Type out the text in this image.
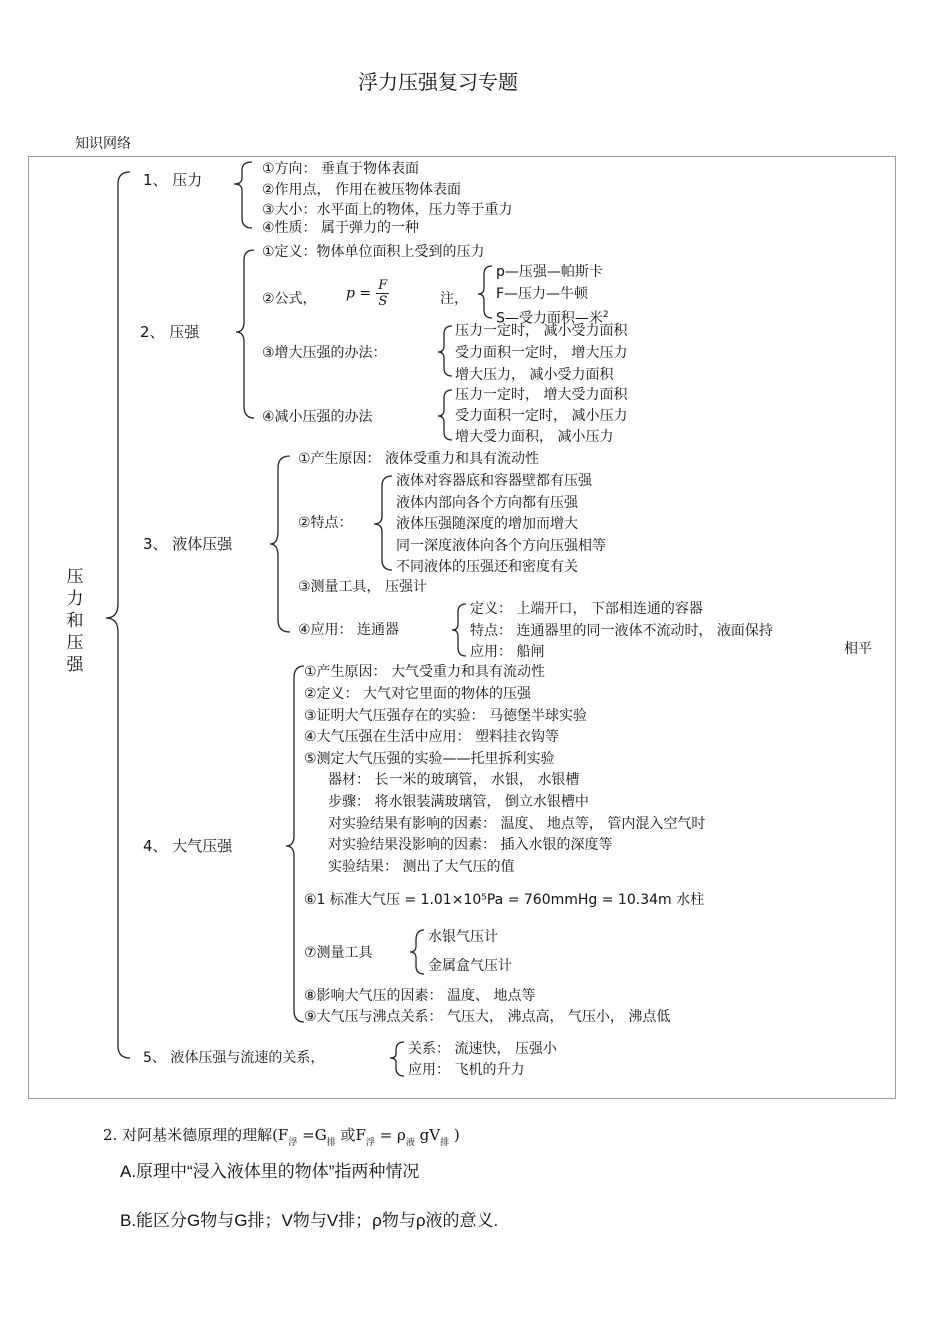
浮力压强复习专题
知识网络
压力和压强
1、 压力
①方向： 垂直于物体表面
②作用点， 作用在被压物体表面
③大小：水平面上的物体，压力等于重力
④性质： 属于弹力的一种
2、 压强
①定义：物体单位面积上受到的压力
②公式， $p = \frac{F}{S}$	注，
p—压强—帕斯卡
F—压力—牛顿
S—受力面积—米$^2$
③增大压强的办法：
压力一定时， 减小受力面积
受力面积一定时， 增大压力
增大压力， 减小受力面积
④减小压强的办法
压力一定时， 增大受力面积
受力面积一定时， 减小压力
增大受力面积， 减小压力
3、 液体压强
①产生原因： 液体受重力和具有流动性
②特点：
液体对容器底和容器壁都有压强
液体内部向各个方向都有压强
液体压强随深度的增加而增大
同一深度液体向各个方向压强相等
不同液体的压强还和密度有关
③测量工具， 压强计
④应用： 连通器
定义： 上端开口， 下部相连通的容器
特点： 连通器里的同一液体不流动时， 液面保持
应用： 船闸	相平
4、 大气压强
①产生原因： 大气受重力和具有流动性
②定义： 大气对它里面的物体的压强
③证明大气压强存在的实验： 马德堡半球实验
④大气压强在生活中应用： 塑料挂衣钩等
⑤测定大气压强的实验——托里拆利实验
器材： 长一米的玻璃管， 水银， 水银槽
步骤： 将水银装满玻璃管， 倒立水银槽中
对实验结果有影响的因素： 温度、 地点等， 管内混入空气时
对实验结果没影响的因素： 插入水银的深度等
实验结果： 测出了大气压的值
⑥1 标准大气压 = 1.01×10⁵Pa = 760mmHg = 10.34m 水柱
⑦测量工具
水银气压计
金属盒气压计
⑧影响大气压的因素： 温度、 地点等
⑨大气压与沸点关系： 气压大， 沸点高， 气压小， 沸点低
5、 液体压强与流速的关系，
关系： 流速快， 压强小
应用： 飞机的升力
2. 对阿基米德原理的理解($F_浮 =G_排$ 或$F_浮 = \rho_液$ $gV_排$ )
A.原理中“浸入液体里的物体”指两种情况
B.能区分G物与G排；V物与V排；ρ物与ρ液的意义.
